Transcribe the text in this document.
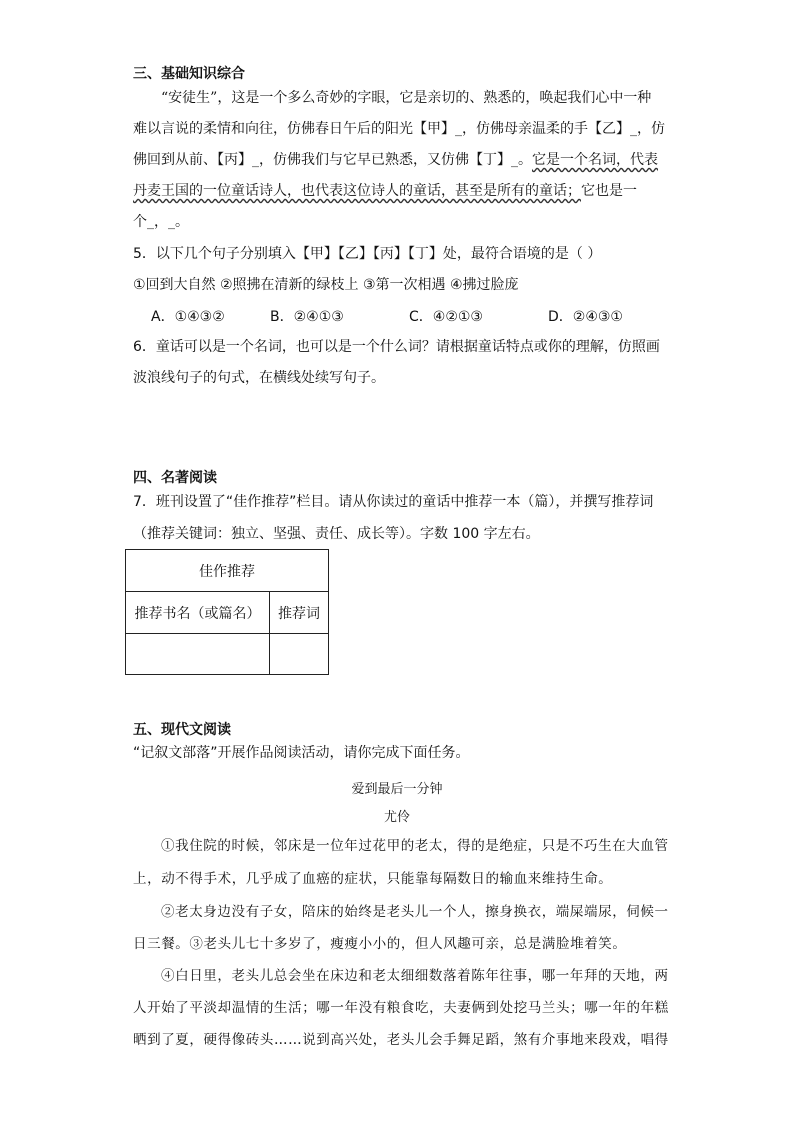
三、基础知识综合
“安徒生”，这是一个多么奇妙的字眼，它是亲切的、熟悉的，唤起我们心中一种
难以言说的柔情和向往，仿佛春日午后的阳光【甲】_，仿佛母亲温柔的手【乙】_，仿
佛回到从前、【丙】_，仿佛我们与它早已熟悉，又仿佛【丁】_。它是一个名词，代表
丹麦王国的一位童话诗人，也代表这位诗人的童话，甚至是所有的童话；它也是一
个_，_。
5．以下几个句子分别填入【甲】【乙】【丙】【丁】处，最符合语境的是（ ）
①回到大自然 ②照拂在清新的绿枝上 ③第一次相遇 ④拂过脸庞
A．①④③②	B．②④①③	C．④②①③	D．②④③①
6．童话可以是一个名词，也可以是一个什么词？请根据童话特点或你的理解，仿照画
波浪线句子的句式，在横线处续写句子。
四、名著阅读
7．班刊设置了“佳作推荐”栏目。请从你读过的童话中推荐一本（篇），并撰写推荐词
（推荐关键词：独立、坚强、责任、成长等）。字数 100 字左右。
佳作推荐
推荐书名（或篇名）	推荐词
五、现代文阅读
“记叙文部落”开展作品阅读活动，请你完成下面任务。
爱到最后一分钟
尤伶
①我住院的时候，邻床是一位年过花甲的老太，得的是绝症，只是不巧生在大血管
上，动不得手术，几乎成了血癌的症状，只能靠每隔数日的输血来维持生命。
②老太身边没有子女，陪床的始终是老头儿一个人，擦身换衣，端屎端尿，伺候一
日三餐。③老头儿七十多岁了，瘦瘦小小的，但人风趣可亲，总是满脸堆着笑。
④白日里，老头儿总会坐在床边和老太细细数落着陈年往事，哪一年拜的天地，两
人开始了平淡却温情的生活；哪一年没有粮食吃，夫妻俩到处挖马兰头；哪一年的年糕
晒到了夏，硬得像砖头……说到高兴处，老头儿会手舞足蹈，煞有介事地来段戏，唱得
